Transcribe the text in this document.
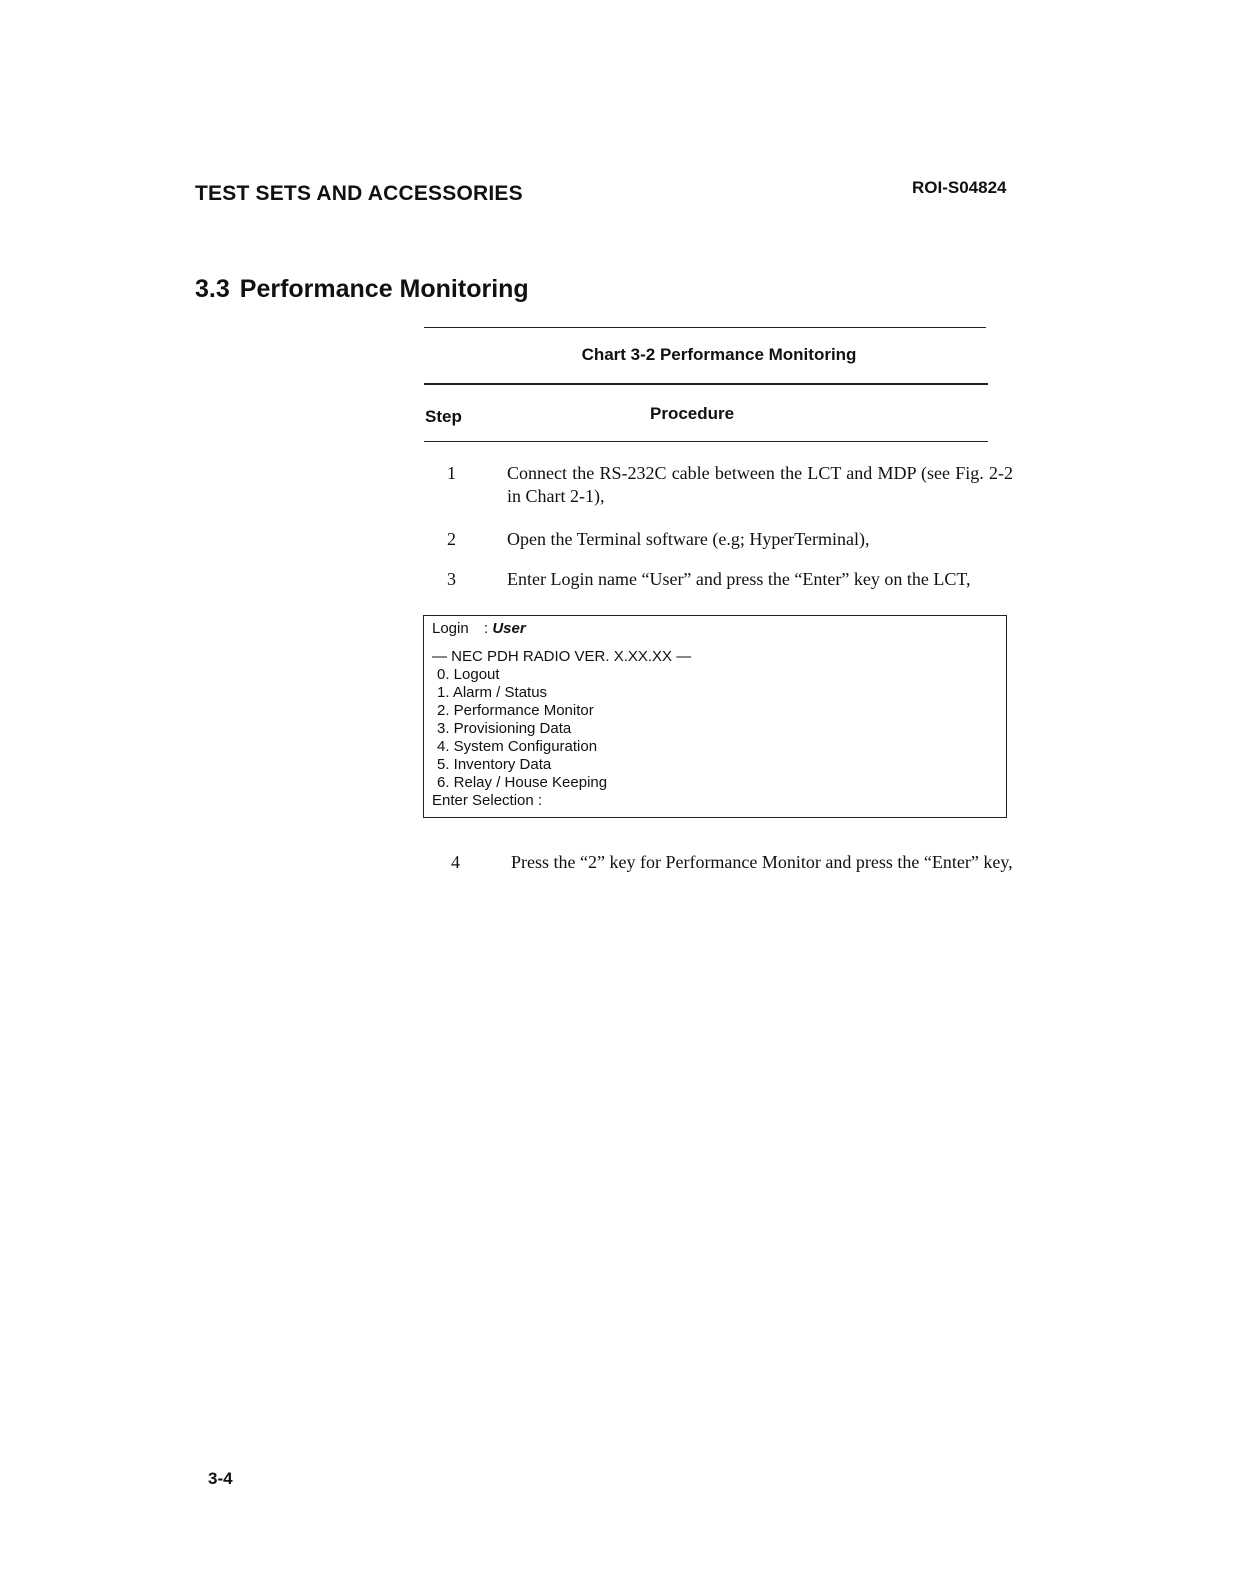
TEST SETS AND ACCESSORIES	ROI-S04824
3.3 Performance Monitoring
Chart 3-2 Performance Monitoring
Step	Procedure
1	Connect the RS-232C cable between the LCT and MDP (see Fig. 2-2 in Chart 2-1),
2	Open the Terminal software (e.g; HyperTerminal),
3	Enter Login name “User” and press the “Enter” key on the LCT,
Login : User
— NEC PDH RADIO VER. X.XX.XX —
0. Logout
1. Alarm / Status
2. Performance Monitor
3. Provisioning Data
4. System Configuration
5. Inventory Data
6. Relay / House Keeping
Enter Selection :
4	Press the “2” key for Performance Monitor and press the “Enter” key,
3-4
